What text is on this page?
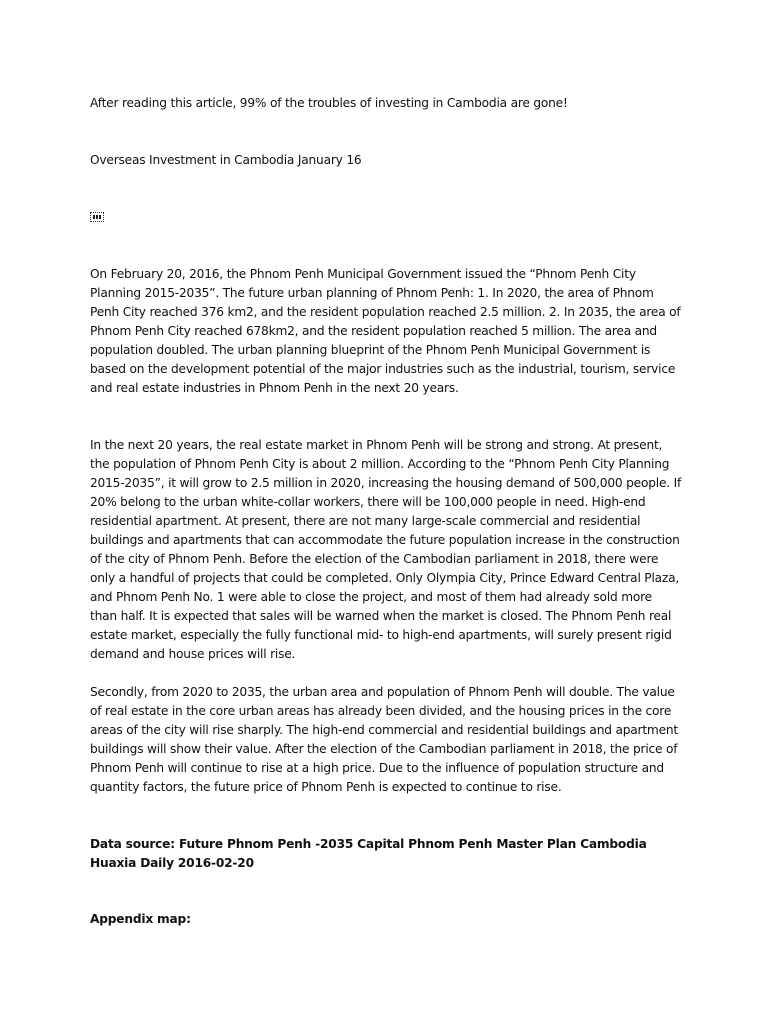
After reading this article, 99% of the troubles of investing in Cambodia are gone!

Overseas Investment in Cambodia January 16

On February 20, 2016, the Phnom Penh Municipal Government issued the “Phnom Penh City Planning 2015-2035”. The future urban planning of Phnom Penh: 1. In 2020, the area of Phnom Penh City reached 376 km2, and the resident population reached 2.5 million. 2. In 2035, the area of Phnom Penh City reached 678km2, and the resident population reached 5 million. The area and population doubled. The urban planning blueprint of the Phnom Penh Municipal Government is based on the development potential of the major industries such as the industrial, tourism, service and real estate industries in Phnom Penh in the next 20 years.

In the next 20 years, the real estate market in Phnom Penh will be strong and strong. At present, the population of Phnom Penh City is about 2 million. According to the “Phnom Penh City Planning 2015-2035”, it will grow to 2.5 million in 2020, increasing the housing demand of 500,000 people. If 20% belong to the urban white-collar workers, there will be 100,000 people in need. High-end residential apartment. At present, there are not many large-scale commercial and residential buildings and apartments that can accommodate the future population increase in the construction of the city of Phnom Penh. Before the election of the Cambodian parliament in 2018, there were only a handful of projects that could be completed. Only Olympia City, Prince Edward Central Plaza, and Phnom Penh No. 1 were able to close the project, and most of them had already sold more than half. It is expected that sales will be warned when the market is closed. The Phnom Penh real estate market, especially the fully functional mid- to high-end apartments, will surely present rigid demand and house prices will rise.

Secondly, from 2020 to 2035, the urban area and population of Phnom Penh will double. The value of real estate in the core urban areas has already been divided, and the housing prices in the core areas of the city will rise sharply. The high-end commercial and residential buildings and apartment buildings will show their value. After the election of the Cambodian parliament in 2018, the price of Phnom Penh will continue to rise at a high price. Due to the influence of population structure and quantity factors, the future price of Phnom Penh is expected to continue to rise.

Data source: Future Phnom Penh -2035 Capital Phnom Penh Master Plan Cambodia Huaxia Daily 2016-02-20

Appendix map:
